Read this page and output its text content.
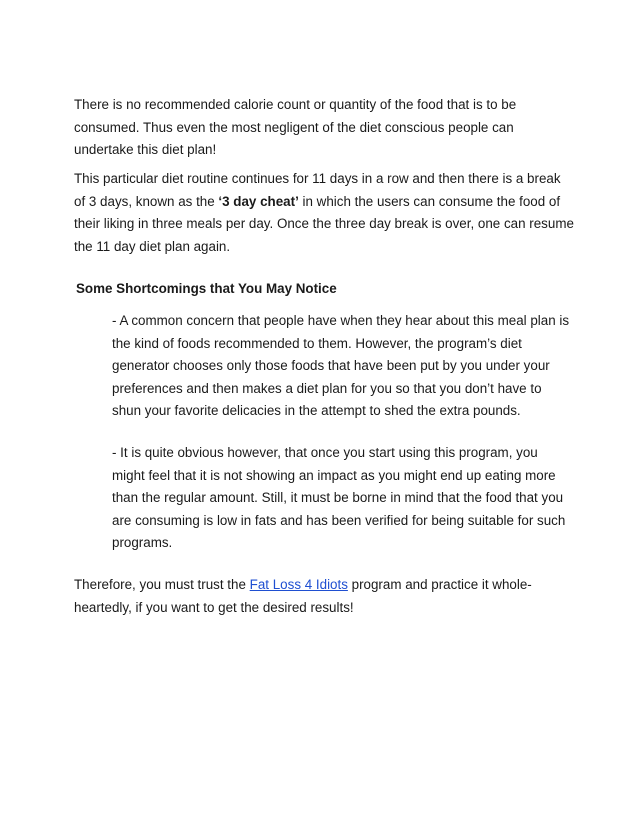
There is no recommended calorie count or quantity of the food that is to be consumed. Thus even the most negligent of the diet conscious people can undertake this diet plan!

This particular diet routine continues for 11 days in a row and then there is a break of 3 days, known as the ‘3 day cheat’ in which the users can consume the food of their liking in three meals per day. Once the three day break is over, one can resume the 11 day diet plan again.

Some Shortcomings that You May Notice

- A common concern that people have when they hear about this meal plan is the kind of foods recommended to them. However, the program’s diet generator chooses only those foods that have been put by you under your preferences and then makes a diet plan for you so that you don’t have to shun your favorite delicacies in the attempt to shed the extra pounds.

- It is quite obvious however, that once you start using this program, you might feel that it is not showing an impact as you might end up eating more than the regular amount. Still, it must be borne in mind that the food that you are consuming is low in fats and has been verified for being suitable for such programs.

Therefore, you must trust the Fat Loss 4 Idiots program and practice it whole-heartedly, if you want to get the desired results!
